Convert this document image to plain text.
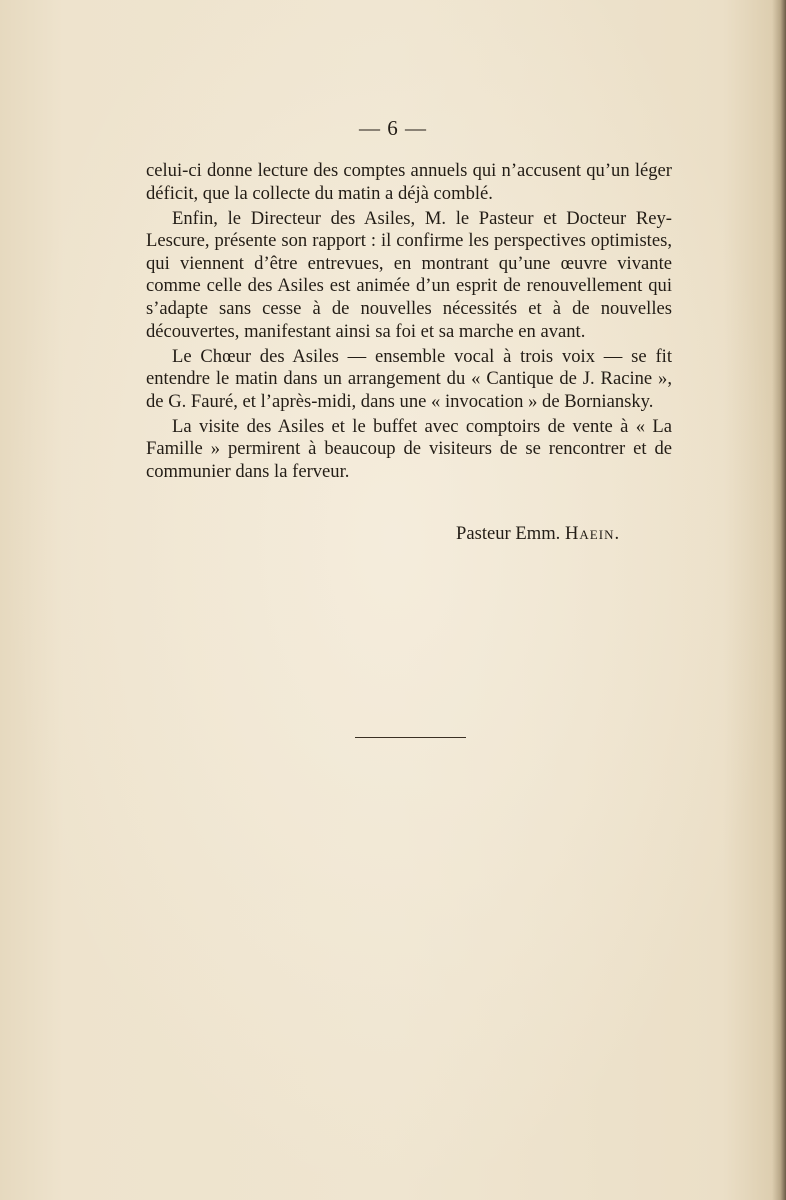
— 6 —

celui-ci donne lecture des comptes annuels qui n’accusent qu’un léger déficit, que la collecte du matin a déjà comblé.

Enfin, le Directeur des Asiles, M. le Pasteur et Docteur Rey-Lescure, présente son rapport : il confirme les perspectives optimistes, qui viennent d’être entrevues, en montrant qu’une œuvre vivante comme celle des Asiles est animée d’un esprit de renouvellement qui s’adapte sans cesse à de nouvelles nécessités et à de nouvelles découvertes, manifestant ainsi sa foi et sa marche en avant.

Le Chœur des Asiles — ensemble vocal à trois voix — se fit entendre le matin dans un arrangement du « Cantique de J. Racine », de G. Fauré, et l’après-midi, dans une « invocation » de Borniansky.

La visite des Asiles et le buffet avec comptoirs de vente à « La Famille » permirent à beaucoup de visiteurs de se rencontrer et de communier dans la ferveur.

Pasteur Emm. Haein.
